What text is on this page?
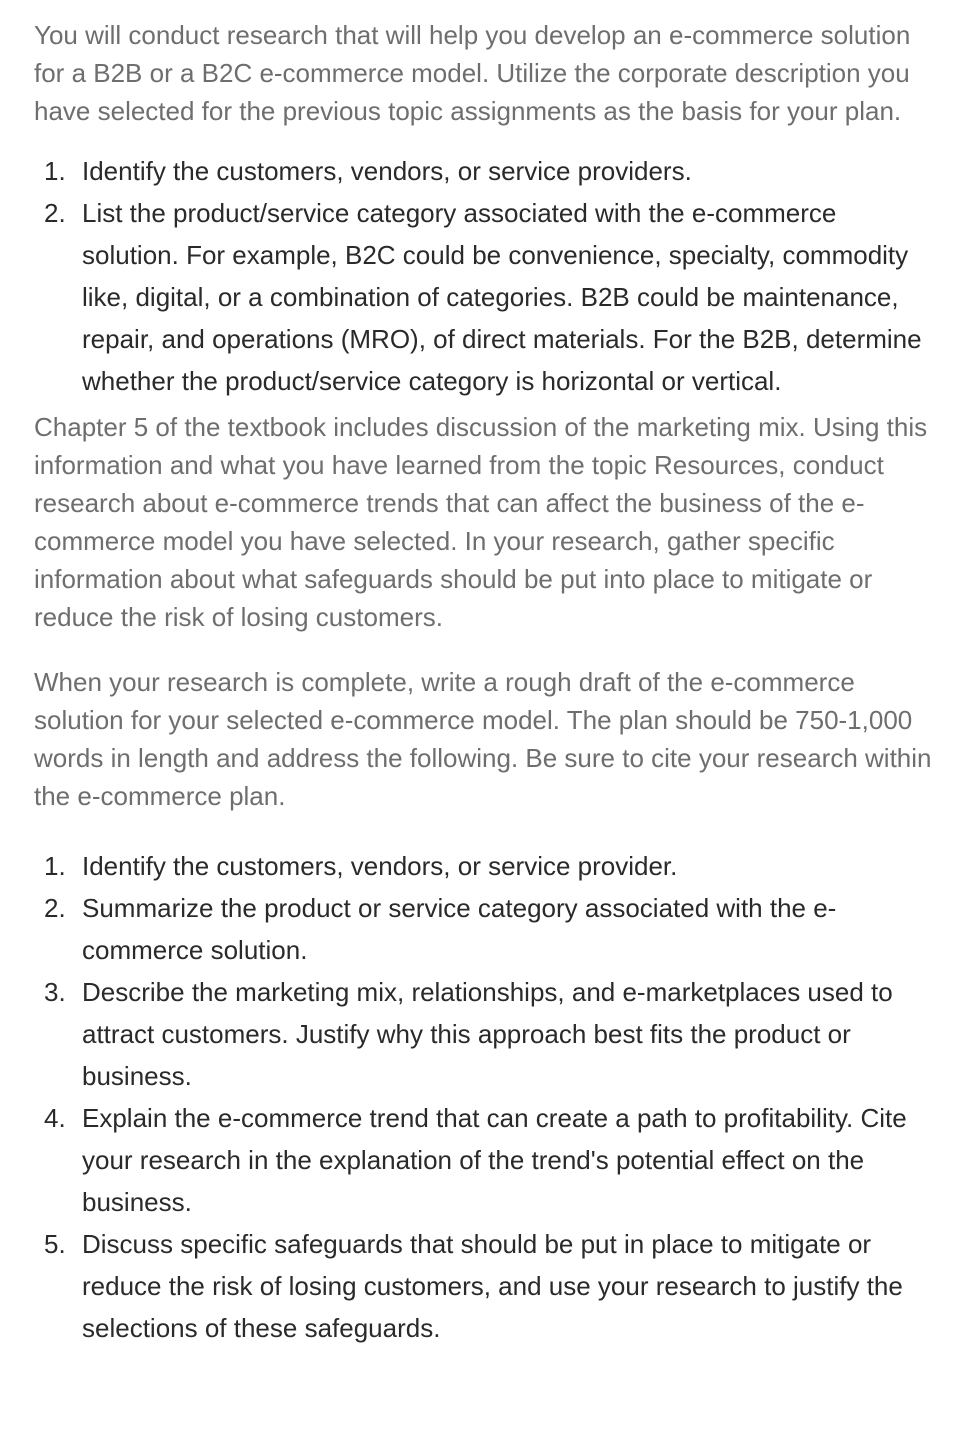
You will conduct research that will help you develop an e-commerce solution for a B2B or a B2C e-commerce model. Utilize the corporate description you have selected for the previous topic assignments as the basis for your plan.

1. Identify the customers, vendors, or service providers.
2. List the product/service category associated with the e-commerce solution. For example, B2C could be convenience, specialty, commodity like, digital, or a combination of categories. B2B could be maintenance, repair, and operations (MRO), of direct materials. For the B2B, determine whether the product/service category is horizontal or vertical.

Chapter 5 of the textbook includes discussion of the marketing mix. Using this information and what you have learned from the topic Resources, conduct research about e-commerce trends that can affect the business of the e-commerce model you have selected. In your research, gather specific information about what safeguards should be put into place to mitigate or reduce the risk of losing customers.

When your research is complete, write a rough draft of the e-commerce solution for your selected e-commerce model. The plan should be 750-1,000 words in length and address the following. Be sure to cite your research within the e-commerce plan.

1. Identify the customers, vendors, or service provider.
2. Summarize the product or service category associated with the e-commerce solution.
3. Describe the marketing mix, relationships, and e-marketplaces used to attract customers. Justify why this approach best fits the product or business.
4. Explain the e-commerce trend that can create a path to profitability. Cite your research in the explanation of the trend's potential effect on the business.
5. Discuss specific safeguards that should be put in place to mitigate or reduce the risk of losing customers, and use your research to justify the selections of these safeguards.
